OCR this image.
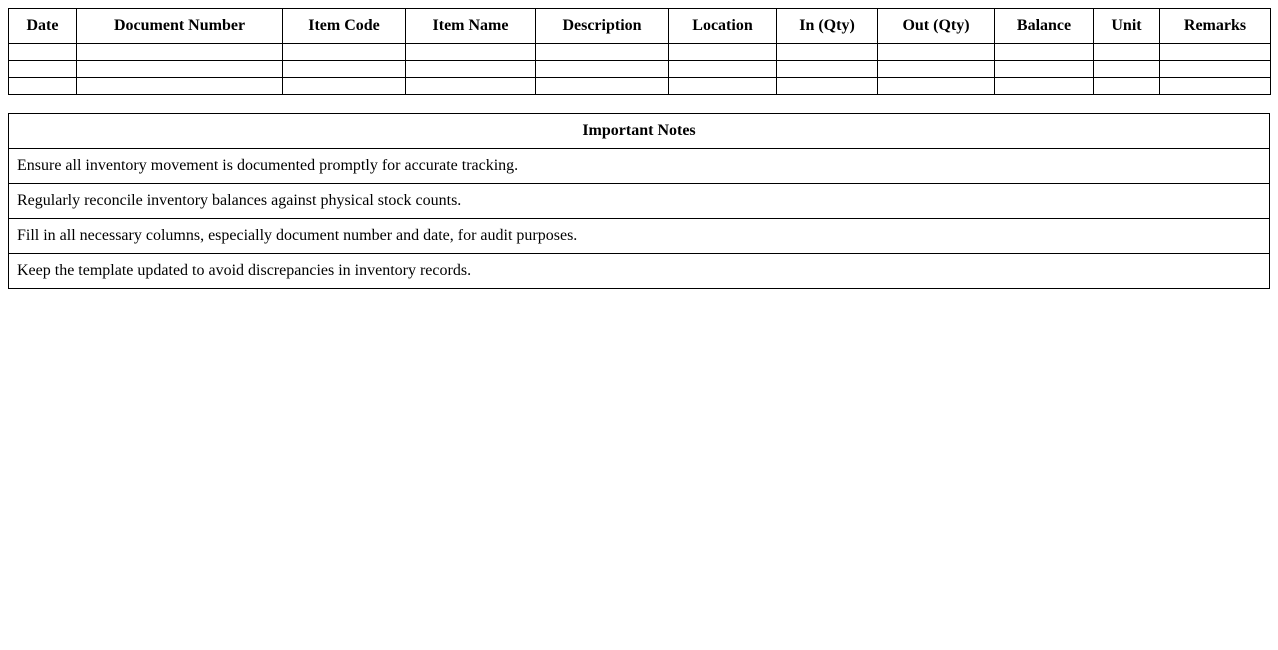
Date	Document Number	Item Code	Item Name	Description	Location	In (Qty)	Out (Qty)	Balance	Unit	Remarks

Important Notes
Ensure all inventory movement is documented promptly for accurate tracking.
Regularly reconcile inventory balances against physical stock counts.
Fill in all necessary columns, especially document number and date, for audit purposes.
Keep the template updated to avoid discrepancies in inventory records.
